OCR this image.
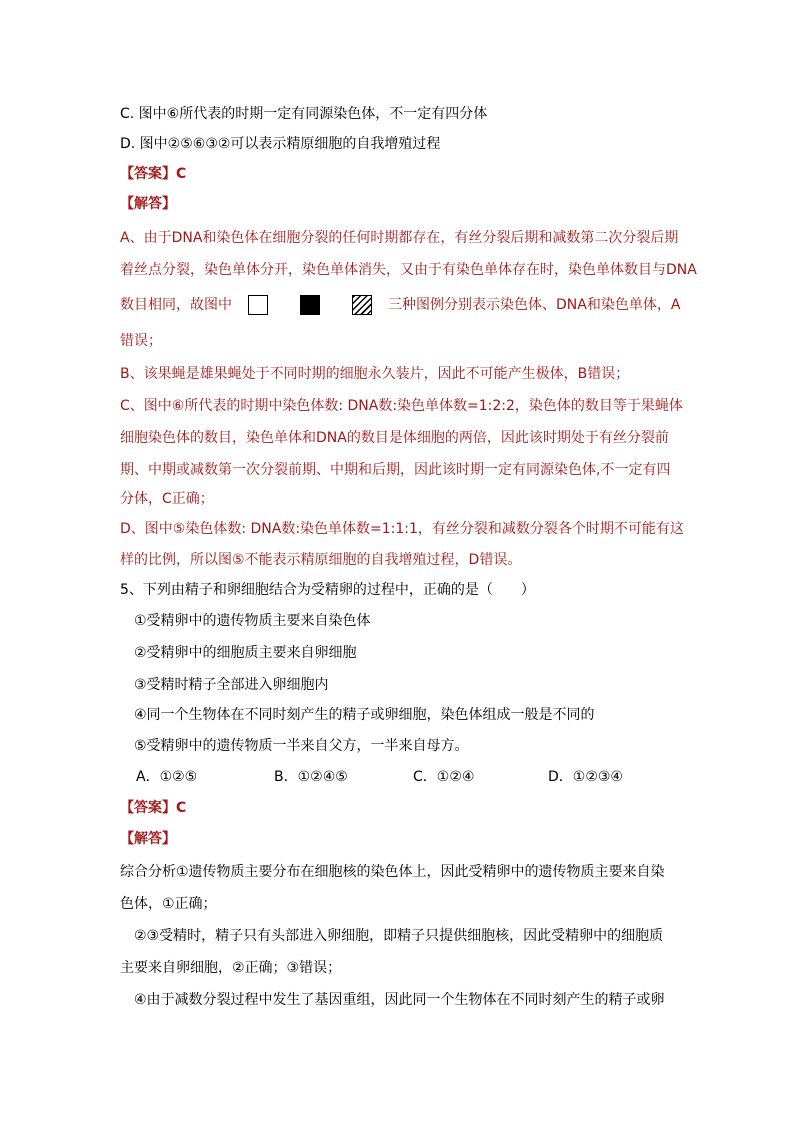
C. 图中⑥所代表的时期一定有同源染色体，不一定有四分体
D. 图中②⑤⑥③②可以表示精原细胞的自我增殖过程
【答案】C
【解答】
A、由于DNA和染色体在细胞分裂的任何时期都存在，有丝分裂后期和减数第二次分裂后期
着丝点分裂，染色单体分开，染色单体消失，又由于有染色单体存在时，染色单体数目与DNA
数目相同，故图中	三种图例分别表示染色体、DNA和染色单体，A
错误；
B、该果蝇是雄果蝇处于不同时期的细胞永久装片，因此不可能产生极体，B错误；
C、图中⑥所代表的时期中染色体数: DNA数:染色单体数=1:2:2，染色体的数目等于果蝇体
细胞染色体的数目，染色单体和DNA的数目是体细胞的两倍，因此该时期处于有丝分裂前
期、中期或减数第一次分裂前期、中期和后期，因此该时期一定有同源染色体,不一定有四
分体，C正确；
D、图中⑤染色体数: DNA数:染色单体数=1:1:1，有丝分裂和减数分裂各个时期不可能有这
样的比例，所以图⑤不能表示精原细胞的自我增殖过程，D错误。
5、下列由精子和卵细胞结合为受精卵的过程中，正确的是（　　）
①受精卵中的遗传物质主要来自染色体
②受精卵中的细胞质主要来自卵细胞
③受精时精子全部进入卵细胞内
④同一个生物体在不同时刻产生的精子或卵细胞，染色体组成一般是不同的
⑤受精卵中的遗传物质一半来自父方，一半来自母方。
A．①②⑤	B．①②④⑤	C．①②④	D．①②③④
【答案】C
【解答】
综合分析①遗传物质主要分布在细胞核的染色体上，因此受精卵中的遗传物质主要来自染
色体，①正确；
②③受精时，精子只有头部进入卵细胞，即精子只提供细胞核，因此受精卵中的细胞质
主要来自卵细胞，②正确；③错误；
④由于减数分裂过程中发生了基因重组，因此同一个生物体在不同时刻产生的精子或卵
